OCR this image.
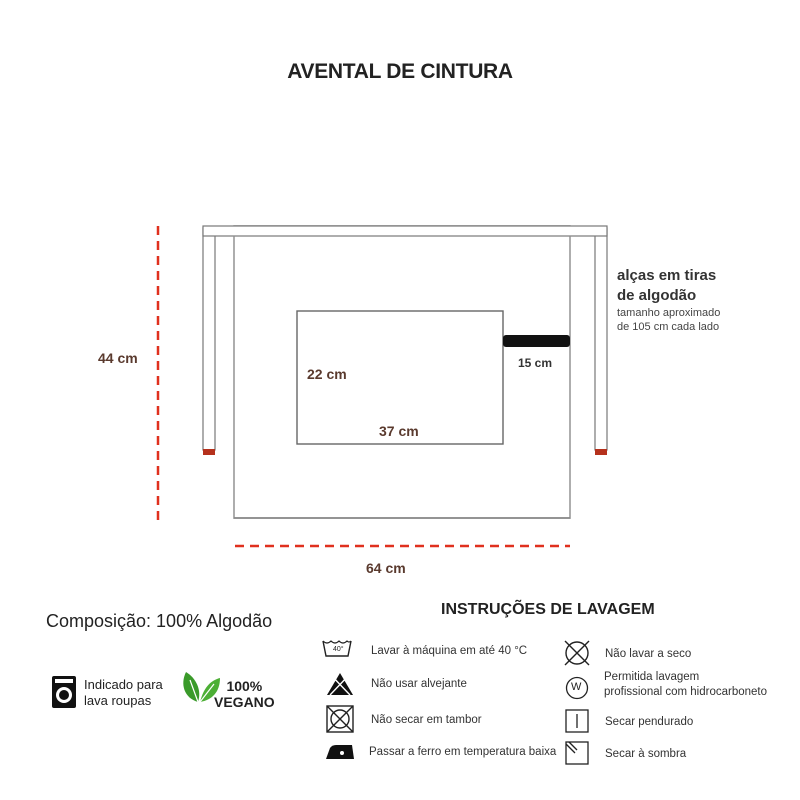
AVENTAL DE CINTURA
44 cm
64 cm
22 cm
37 cm
15 cm
alças em tiras
de algodão
tamanho aproximado
de 105 cm cada lado
Composição: 100% Algodão
Indicado para
lava roupas
100%
VEGANO
INSTRUÇÕES DE LAVAGEM
40° Lavar à máquina em até 40 °C
Não usar alvejante
Não secar em tambor
Passar a ferro em temperatura baixa
Não lavar a seco
W
Permitida lavagem
profissional com hidrocarboneto
Secar pendurado
Secar à sombra
